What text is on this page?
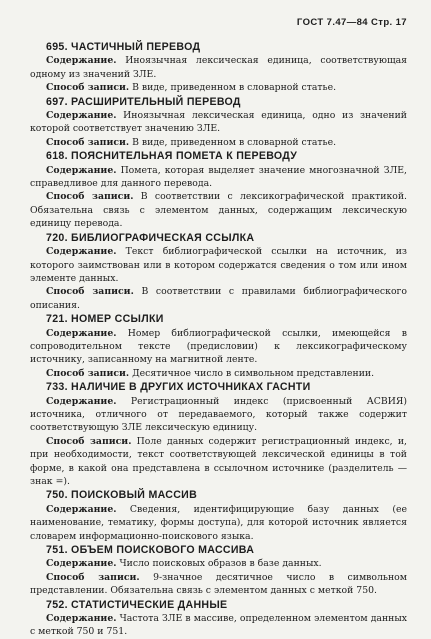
ГОСТ 7.47—84 Стр. 17
695. ЧАСТИЧНЫЙ ПЕРЕВОД

Содержание. Иноязычная лексическая единица, соответствующая одному из значений ЗЛЕ.

Способ записи. В виде, приведенном в словарной статье.

697. РАСШИРИТЕЛЬНЫЙ ПЕРЕВОД

Содержание. Иноязычная лексическая единица, одно из значений которой соответствует значению ЗЛЕ.

Способ записи. В виде, приведенном в словарной статье.

618. ПОЯСНИТЕЛЬНАЯ ПОМЕТА К ПЕРЕВОДУ

Содержание. Помета, которая выделяет значение многозначной ЗЛЕ, справедливое для данного перевода.

Способ записи. В соответствии с лексикографической практикой. Обязательна связь с элементом данных, содержащим лексическую единицу перевода.

720. БИБЛИОГРАФИЧЕСКАЯ ССЫЛКА

Содержание. Текст библиографической ссылки на источник, из которого заимствован или в котором содержатся сведения о том или ином элементе данных.

Способ записи. В соответствии с правилами библиографического описания.

721. НОМЕР ССЫЛКИ

Содержание. Номер библиографической ссылки, имеющейся в сопроводительном тексте (предисловии) к лексикографическому источнику, записанному на магнитной ленте.

Способ записи. Десятичное число в символьном представлении.

733. НАЛИЧИЕ В ДРУГИХ ИСТОЧНИКАХ ГАСНТИ

Содержание. Регистрационный индекс (присвоенный АСВИЯ) источника, отличного от передаваемого, который также содержит соответствующую ЗЛЕ лексическую единицу.

Способ записи. Поле данных содержит регистрационный индекс, и, при необходимости, текст соответствующей лексической единицы в той форме, в какой она представлена в ссылочном источнике (разделитель — знак =).

750. ПОИСКОВЫЙ МАССИВ

Содержание. Сведения, идентифицирующие базу данных (ее наименование, тематику, формы доступа), для которой источник является словарем информационно-поискового языка.

751. ОБЪЕМ ПОИСКОВОГО МАССИВА

Содержание. Число поисковых образов в базе данных.

Способ записи. 9-значное десятичное число в символьном представлении. Обязательна связь с элементом данных с меткой 750.

752. СТАТИСТИЧЕСКИЕ ДАННЫЕ

Содержание. Частота ЗЛЕ в массиве, определенном элементом данных с меткой 750 и 751.
